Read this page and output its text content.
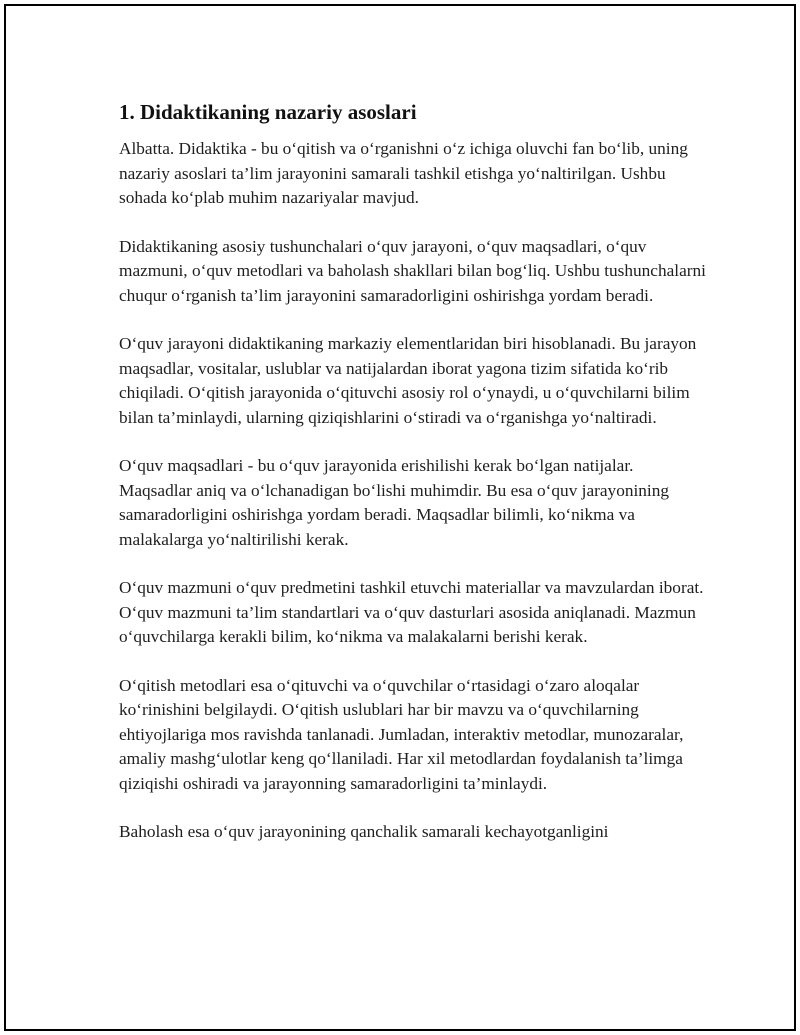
1. Didaktikaning nazariy asoslari

Albatta. Didaktika - bu o‘qitish va o‘rganishni o‘z ichiga oluvchi fan bo‘lib, uning nazariy asoslari ta’lim jarayonini samarali tashkil etishga yo‘naltirilgan. Ushbu sohada ko‘plab muhim nazariyalar mavjud.

Didaktikaning asosiy tushunchalari o‘quv jarayoni, o‘quv maqsadlari, o‘quv mazmuni, o‘quv metodlari va baholash shakllari bilan bog‘liq. Ushbu tushunchalarni chuqur o‘rganish ta’lim jarayonini samaradorligini oshirishga yordam beradi.

O‘quv jarayoni didaktikaning markaziy elementlaridan biri hisoblanadi. Bu jarayon maqsadlar, vositalar, uslublar va natijalardan iborat yagona tizim sifatida ko‘rib chiqiladi. O‘qitish jarayonida o‘qituvchi asosiy rol o‘ynaydi, u o‘quvchilarni bilim bilan ta’minlaydi, ularning qiziqishlarini o‘stiradi va o‘rganishga yo‘naltiradi.

O‘quv maqsadlari - bu o‘quv jarayonida erishilishi kerak bo‘lgan natijalar. Maqsadlar aniq va o‘lchanadigan bo‘lishi muhimdir. Bu esa o‘quv jarayonining samaradorligini oshirishga yordam beradi. Maqsadlar bilimli, ko‘nikma va malakalarga yo‘naltirilishi kerak.

O‘quv mazmuni o‘quv predmetini tashkil etuvchi materiallar va mavzulardan iborat. O‘quv mazmuni ta’lim standartlari va o‘quv dasturlari asosida aniqlanadi. Mazmun o‘quvchilarga kerakli bilim, ko‘nikma va malakalarni berishi kerak.

O‘qitish metodlari esa o‘qituvchi va o‘quvchilar o‘rtasidagi o‘zaro aloqalar ko‘rinishini belgilaydi. O‘qitish uslublari har bir mavzu va o‘quvchilarning ehtiyojlariga mos ravishda tanlanadi. Jumladan, interaktiv metodlar, munozaralar, amaliy mashg‘ulotlar keng qo‘llaniladi. Har xil metodlardan foydalanish ta’limga qiziqishi oshiradi va jarayonning samaradorligini ta’minlaydi.

Baholash esa o‘quv jarayonining qanchalik samarali kechayotganligini
